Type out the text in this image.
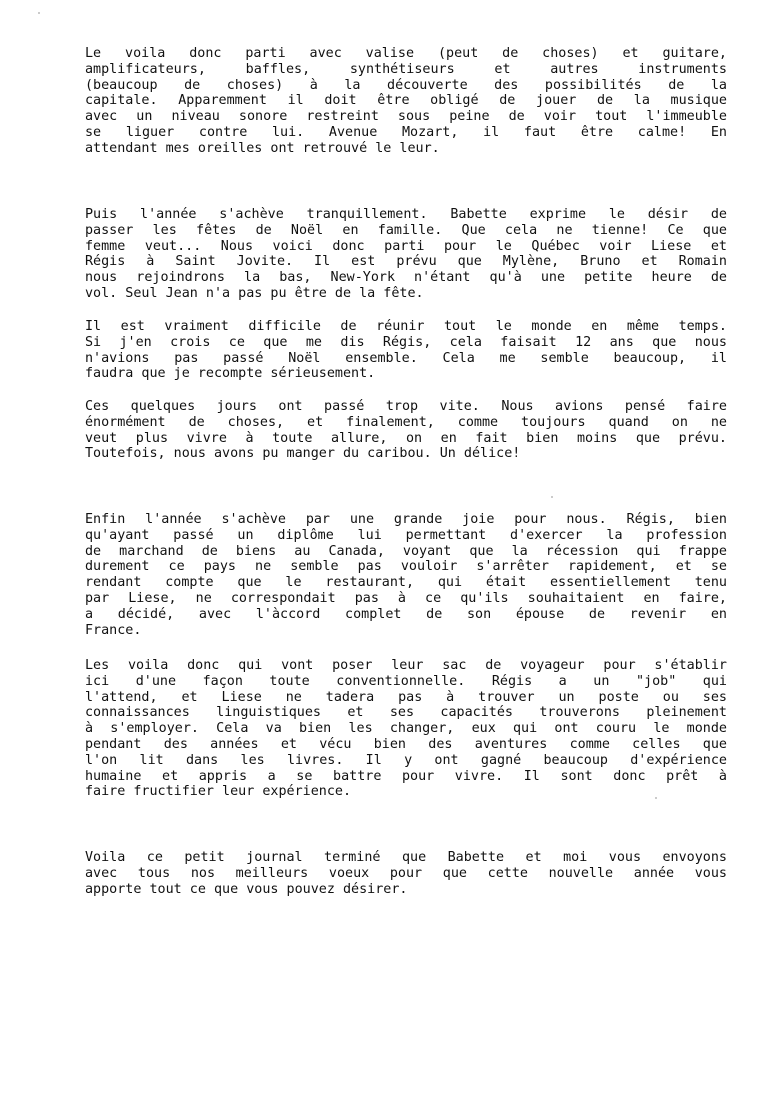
Le voila donc parti avec valise (peut de choses) et guitare,
amplificateurs, baffles, synthétiseurs et autres instruments
(beaucoup de choses) à la découverte des possibilités de la
capitale. Apparemment il doit être obligé de jouer de la musique
avec un niveau sonore restreint sous peine de voir tout l'immeuble
se liguer contre lui. Avenue Mozart, il faut être calme! En
attendant mes oreilles ont retrouvé le leur.
Puis l'année s'achève tranquillement. Babette exprime le désir de
passer les fêtes de Noël en famille. Que cela ne tienne! Ce que
femme veut... Nous voici donc parti pour le Québec voir Liese et
Régis à Saint Jovite. Il est prévu que Mylène, Bruno et Romain
nous rejoindrons la bas, New-York n'étant qu'à une petite heure de
vol. Seul Jean n'a pas pu être de la fête.
Il est vraiment difficile de réunir tout le monde en même temps.
Si j'en crois ce que me dis Régis, cela faisait 12 ans que nous
n'avions pas passé Noël ensemble. Cela me semble beaucoup, il
faudra que je recompte sérieusement.
Ces quelques jours ont passé trop vite. Nous avions pensé faire
énormément de choses, et finalement, comme toujours quand on ne
veut plus vivre à toute allure, on en fait bien moins que prévu.
Toutefois, nous avons pu manger du caribou. Un délice!
Enfin l'année s'achève par une grande joie pour nous. Régis, bien
qu'ayant passé un diplôme lui permettant d'exercer la profession
de marchand de biens au Canada, voyant que la récession qui frappe
durement ce pays ne semble pas vouloir s'arrêter rapidement, et se
rendant compte que le restaurant, qui était essentiellement tenu
par Liese, ne correspondait pas à ce qu'ils souhaitaient en faire,
a décidé, avec l'àccord complet de son épouse de revenir en
France.
Les voila donc qui vont poser leur sac de voyageur pour s'établir
ici d'une façon toute conventionnelle. Régis a un "job" qui
l'attend, et Liese ne tadera pas à trouver un poste ou ses
connaissances linguistiques et ses capacités trouverons pleinement
à s'employer. Cela va bien les changer, eux qui ont couru le monde
pendant des années et vécu bien des aventures comme celles que
l'on lit dans les livres. Il y ont gagné beaucoup d'expérience
humaine et appris a se battre pour vivre. Il sont donc prêt à
faire fructifier leur expérience.
Voila ce petit journal terminé que Babette et moi vous envoyons
avec tous nos meilleurs voeux pour que cette nouvelle année vous
apporte tout ce que vous pouvez désirer.
